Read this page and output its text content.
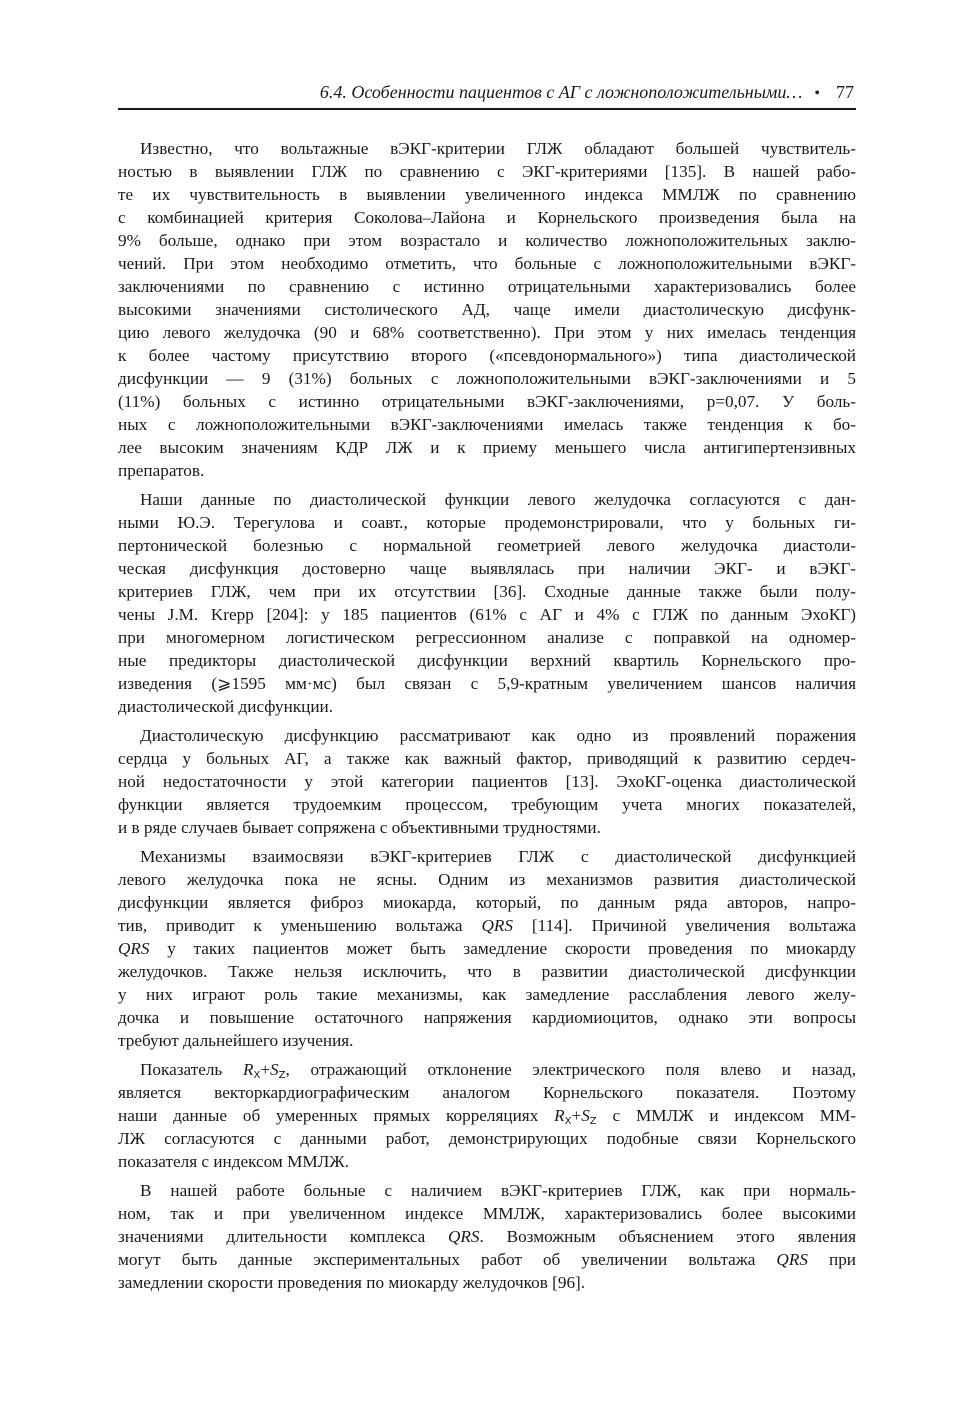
6.4. Особенности пациентов с АГ с ложноположительными… • 77
Известно, что вольтажные вЭКГ-критерии ГЛЖ обладают большей чувствитель-
ностью в выявлении ГЛЖ по сравнению с ЭКГ-критериями [135]. В нашей рабо-
те их чувствительность в выявлении увеличенного индекса ММЛЖ по сравнению
с комбинацией критерия Соколова–Лайона и Корнельского произведения была на
9% больше, однако при этом возрастало и количество ложноположительных заклю-
чений. При этом необходимо отметить, что больные с ложноположительными вЭКГ-
заключениями по сравнению с истинно отрицательными характеризовались более
высокими значениями систолического АД, чаще имели диастолическую дисфунк-
цию левого желудочка (90 и 68% соответственно). При этом у них имелась тенденция
к более частому присутствию второго («псевдонормального») типа диастолической
дисфункции — 9 (31%) больных с ложноположительными вЭКГ-заключениями и 5
(11%) больных с истинно отрицательными вЭКГ-заключениями, p=0,07. У боль-
ных с ложноположительными вЭКГ-заключениями имелась также тенденция к бо-
лее высоким значениям КДР ЛЖ и к приему меньшего числа антигипертензивных
препаратов.
Наши данные по диастолической функции левого желудочка согласуются с дан-
ными Ю.Э. Терегулова и соавт., которые продемонстрировали, что у больных ги-
пертонической болезнью с нормальной геометрией левого желудочка диастоли-
ческая дисфункция достоверно чаще выявлялась при наличии ЭКГ- и вЭКГ-
критериев ГЛЖ, чем при их отсутствии [36]. Сходные данные также были полу-
чены J.M. Krepp [204]: у 185 пациентов (61% с АГ и 4% с ГЛЖ по данным ЭхоКГ)
при многомерном логистическом регрессионном анализе с поправкой на одномер-
ные предикторы диастолической дисфункции верхний квартиль Корнельского про-
изведения (⩾1595 мм·мс) был связан с 5,9-кратным увеличением шансов наличия
диастолической дисфункции.
Диастолическую дисфункцию рассматривают как одно из проявлений поражения
сердца у больных АГ, а также как важный фактор, приводящий к развитию сердеч-
ной недостаточности у этой категории пациентов [13]. ЭхоКГ-оценка диастолической
функции является трудоемким процессом, требующим учета многих показателей,
и в ряде случаев бывает сопряжена с объективными трудностями.
Механизмы взаимосвязи вЭКГ-критериев ГЛЖ с диастолической дисфункцией
левого желудочка пока не ясны. Одним из механизмов развития диастолической
дисфункции является фиброз миокарда, который, по данным ряда авторов, напро-
тив, приводит к уменьшению вольтажа QRS [114]. Причиной увеличения вольтажа
QRS у таких пациентов может быть замедление скорости проведения по миокарду
желудочков. Также нельзя исключить, что в развитии диастолической дисфункции
у них играют роль такие механизмы, как замедление расслабления левого желу-
дочка и повышение остаточного напряжения кардиомиоцитов, однако эти вопросы
требуют дальнейшего изучения.
Показатель $R_X+S_Z$, отражающий отклонение электрического поля влево и назад,
является векторкардиографическим аналогом Корнельского показателя. Поэтому
наши данные об умеренных прямых корреляциях $R_X+S_Z$ с ММЛЖ и индексом ММ-
ЛЖ согласуются с данными работ, демонстрирующих подобные связи Корнельского
показателя с индексом ММЛЖ.
В нашей работе больные с наличием вЭКГ-критериев ГЛЖ, как при нормаль-
ном, так и при увеличенном индексе ММЛЖ, характеризовались более высокими
значениями длительности комплекса QRS. Возможным объяснением этого явления
могут быть данные экспериментальных работ об увеличении вольтажа QRS при
замедлении скорости проведения по миокарду желудочков [96].
